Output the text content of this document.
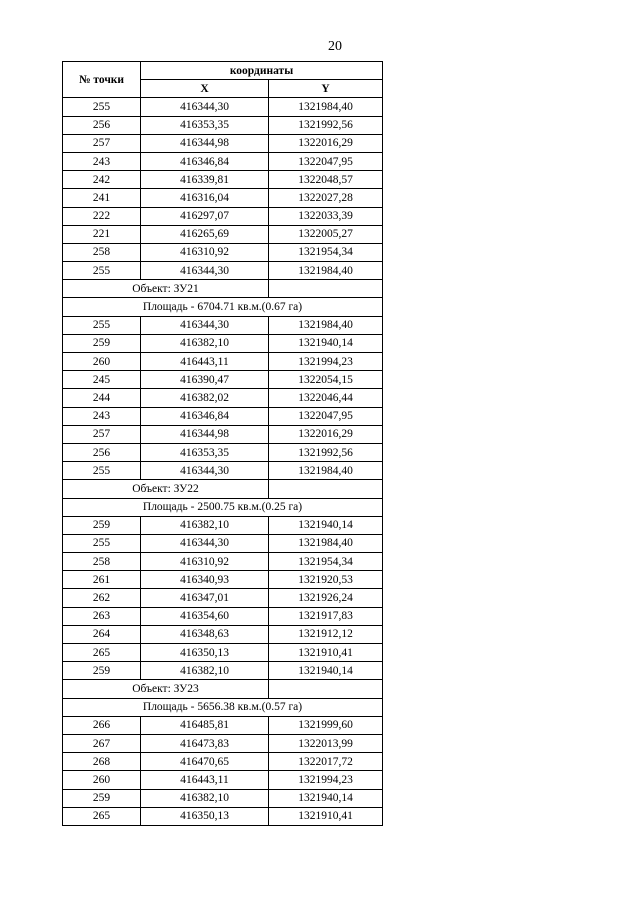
20
№ точки	координаты	
	X	Y
255	416344,30	1321984,40
256	416353,35	1321992,56
257	416344,98	1322016,29
243	416346,84	1322047,95
242	416339,81	1322048,57
241	416316,04	1322027,28
222	416297,07	1322033,39
221	416265,69	1322005,27
258	416310,92	1321954,34
255	416344,30	1321984,40
Объект: ЗУ21		
Площадь - 6704.71 кв.м.(0.67 га)		
255	416344,30	1321984,40
259	416382,10	1321940,14
260	416443,11	1321994,23
245	416390,47	1322054,15
244	416382,02	1322046,44
243	416346,84	1322047,95
257	416344,98	1322016,29
256	416353,35	1321992,56
255	416344,30	1321984,40
Объект: ЗУ22		
Площадь - 2500.75 кв.м.(0.25 га)		
259	416382,10	1321940,14
255	416344,30	1321984,40
258	416310,92	1321954,34
261	416340,93	1321920,53
262	416347,01	1321926,24
263	416354,60	1321917,83
264	416348,63	1321912,12
265	416350,13	1321910,41
259	416382,10	1321940,14
Объект: ЗУ23		
Площадь - 5656.38 кв.м.(0.57 га)		
266	416485,81	1321999,60
267	416473,83	1322013,99
268	416470,65	1322017,72
260	416443,11	1321994,23
259	416382,10	1321940,14
265	416350,13	1321910,41
